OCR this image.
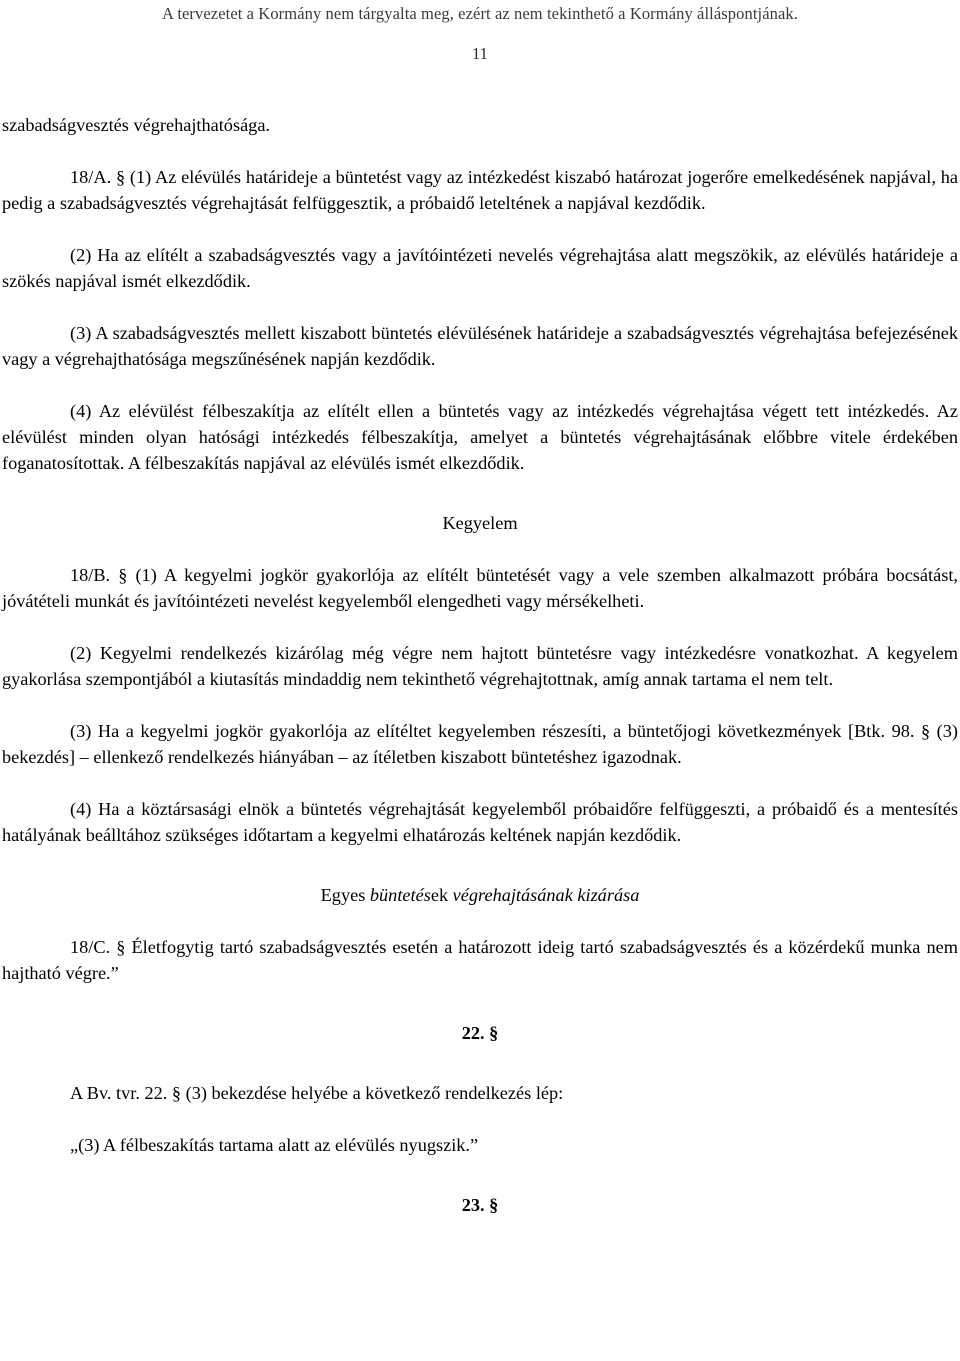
A tervezetet a Kormány nem tárgyalta meg, ezért az nem tekinthető a Kormány álláspontjának.
11

szabadságvesztés végrehajthatósága.

18/A. § (1) Az elévülés határideje a büntetést vagy az intézkedést kiszabó határozat jogerőre emelkedésének napjával, ha pedig a szabadságvesztés végrehajtását felfüggesztik, a próbaidő leteltének a napjával kezdődik.

(2) Ha az elítélt a szabadságvesztés vagy a javítóintézeti nevelés végrehajtása alatt megszökik, az elévülés határideje a szökés napjával ismét elkezdődik.

(3) A szabadságvesztés mellett kiszabott büntetés elévülésének határideje a szabadságvesztés végrehajtása befejezésének vagy a végrehajthatósága megszűnésének napján kezdődik.

(4) Az elévülést félbeszakítja az elítélt ellen a büntetés vagy az intézkedés végrehajtása végett tett intézkedés. Az elévülést minden olyan hatósági intézkedés félbeszakítja, amelyet a büntetés végrehajtásának előbbre vitele érdekében foganatosítottak. A félbeszakítás napjával az elévülés ismét elkezdődik.

Kegyelem

18/B. § (1) A kegyelmi jogkör gyakorlója az elítélt büntetését vagy a vele szemben alkalmazott próbára bocsátást, jóvátételi munkát és javítóintézeti nevelést kegyelemből elengedheti vagy mérsékelheti.

(2) Kegyelmi rendelkezés kizárólag még végre nem hajtott büntetésre vagy intézkedésre vonatkozhat. A kegyelem gyakorlása szempontjából a kiutasítás mindaddig nem tekinthető végrehajtottnak, amíg annak tartama el nem telt.

(3) Ha a kegyelmi jogkör gyakorlója az elítéltet kegyelemben részesíti, a büntetőjogi következmények [Btk. 98. § (3) bekezdés] – ellenkező rendelkezés hiányában – az ítéletben kiszabott büntetéshez igazodnak.

(4) Ha a köztársasági elnök a büntetés végrehajtását kegyelemből próbaidőre felfüggeszti, a próbaidő és a mentesítés hatályának beálltához szükséges időtartam a kegyelmi elhatározás keltének napján kezdődik.

Egyes büntetések végrehajtásának kizárása

18/C. § Életfogytig tartó szabadságvesztés esetén a határozott ideig tartó szabadságvesztés és a közérdekű munka nem hajtható végre.”

22. §

A Bv. tvr. 22. § (3) bekezdése helyébe a következő rendelkezés lép:

„(3) A félbeszakítás tartama alatt az elévülés nyugszik.”

23. §
